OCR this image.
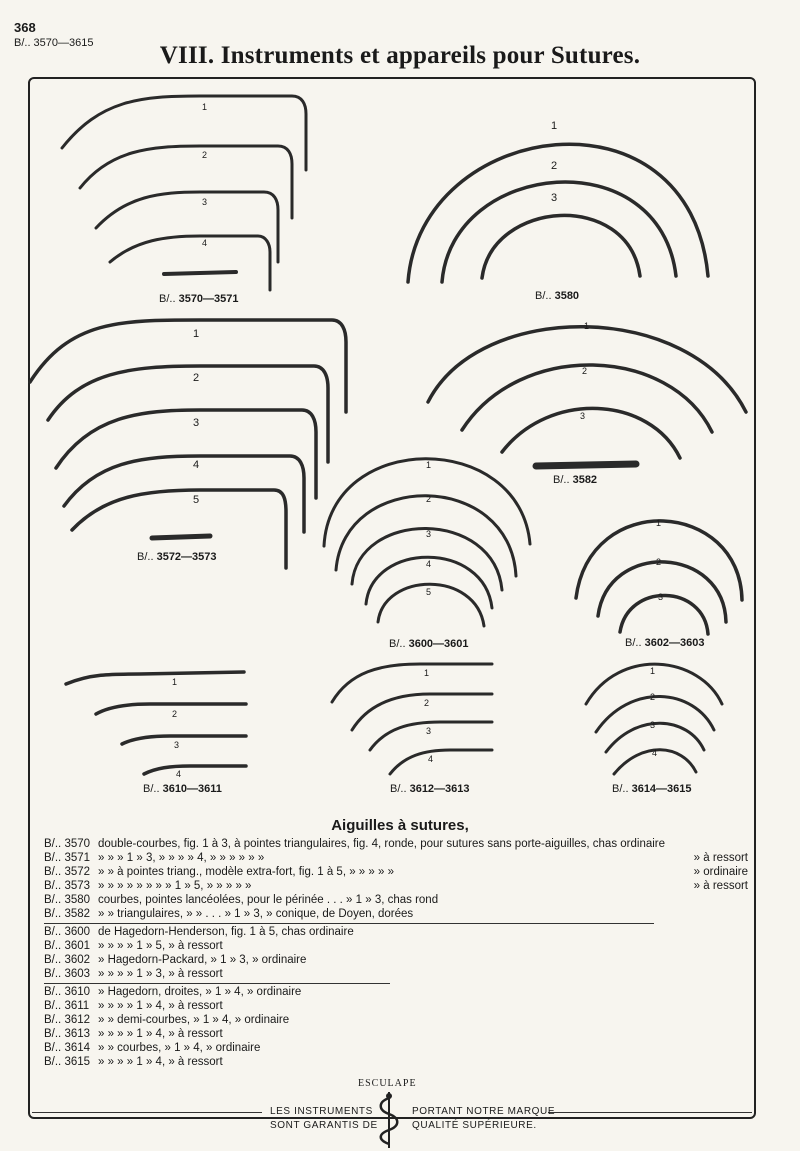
368
B/.. 3570—3615	VIII. Instruments et appareils pour Sutures.
1
2
3
4
1
2
3
1
2
3
4
5
1
2
3
1
2
3
4
5
1
2
3
1
2
3
4
1
2
3
4
1
2
3
4
B/.. 3570—3571	B/.. 3580
B/.. 3572—3573
B/.. 3582
B/.. 3600—3601	B/.. 3602—3603
B/.. 3610—3611	B/.. 3612—3613	B/.. 3614—3615
Aiguilles à sutures,
B/.. 3570 double-courbes, fig. 1 à 3, à pointes triangulaires, fig. 4, ronde, pour sutures sans porte-aiguilles, chas ordinaire
B/.. 3571 » » » 1 » 3, » » » » 4, » » » » » »	» à ressort
B/.. 3572 » » à pointes triang., modèle extra-fort, fig. 1 à 5, » » » » »	» ordinaire
B/.. 3573 » » » » » » » » 1 » 5, » » » » »	» à ressort
B/.. 3580 courbes, pointes lancéolées, pour le périnée . . . » 1 » 3, chas rond
B/.. 3582 » » triangulaires, » » . . . » 1 » 3, » conique, de Doyen, dorées
B/.. 3600 de Hagedorn-Henderson, fig. 1 à 5, chas ordinaire
B/.. 3601 » » » » 1 » 5, » à ressort
B/.. 3602 » Hagedorn-Packard, » 1 » 3, » ordinaire
B/.. 3603 » » » » 1 » 3, » à ressort
B/.. 3610 » Hagedorn, droites, » 1 » 4, » ordinaire
B/.. 3611 » » » » 1 » 4, » à ressort
B/.. 3612 » » demi-courbes, » 1 » 4, » ordinaire
B/.. 3613 » » » » 1 » 4, » à ressort
B/.. 3614 » » courbes, » 1 » 4, » ordinaire
B/.. 3615 » » » » 1 » 4, » à ressort
LES INSTRUMENTS
SONT GARANTIS DE
PORTANT NOTRE MARQUE
QUALITÉ SUPÉRIEURE.
ESCULAPE
